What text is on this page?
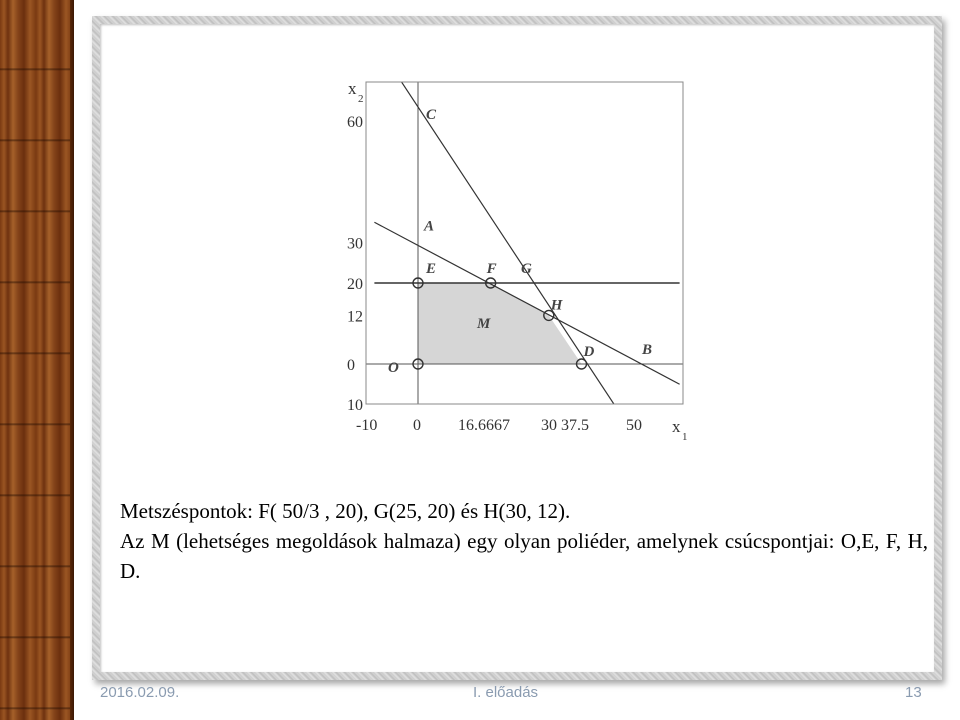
C
A
E	F G
H
D	B
O
M
60
30
20
12
0
10
-10 0 16.6667 30 37.5 50
x
2
x
1

Metszéspontok: F( 50/3 , 20), G(25, 20) és H(30, 12).

Az M (lehetséges megoldások halmaza) egy olyan poliéder, amelynek csúcspontjai: O,E, F, H, D.

2016.02.09.	I. előadás	13
